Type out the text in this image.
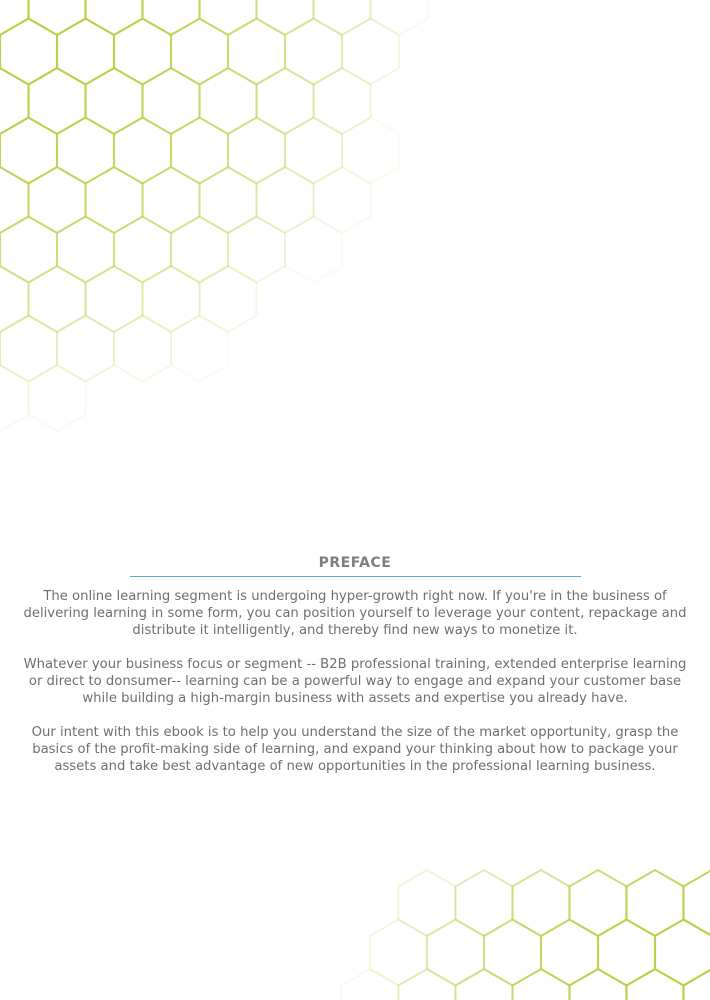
PREFACE

The online learning segment is undergoing hyper-growth right now. If you're in the business of delivering learning in some form, you can position yourself to leverage your content, repackage and distribute it intelligently, and thereby find new ways to monetize it.

Whatever your business focus or segment -- B2B professional training, extended enterprise learning or direct to donsumer-- learning can be a powerful way to engage and expand your customer base while building a high-margin business with assets and expertise you already have.

Our intent with this ebook is to help you understand the size of the market opportunity, grasp the basics of the profit-making side of learning, and expand your thinking about how to package your assets and take best advantage of new opportunities in the professional learning business.
